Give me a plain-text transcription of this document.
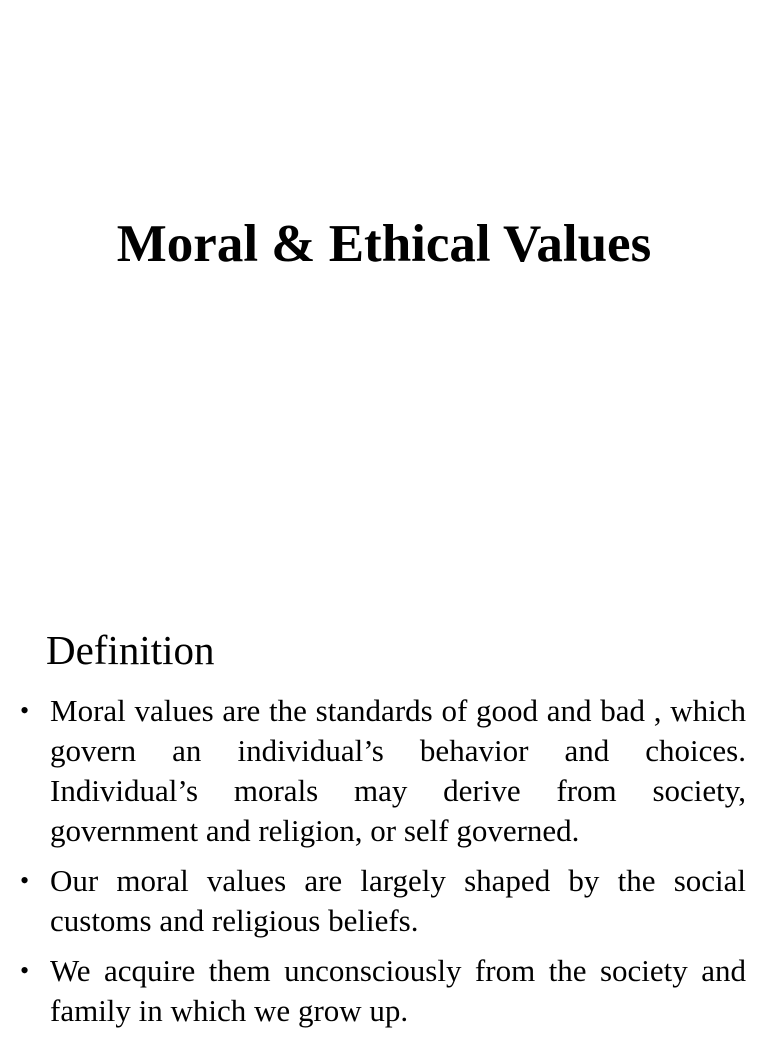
Moral & Ethical Values
Definition
• Moral values are the standards of good and bad , which govern an individual’s behavior and choices. Individual’s morals may derive from society, government and religion, or self governed.
• Our moral values are largely shaped by the social customs and religious beliefs.
• We acquire them unconsciously from the society and family in which we grow up.
